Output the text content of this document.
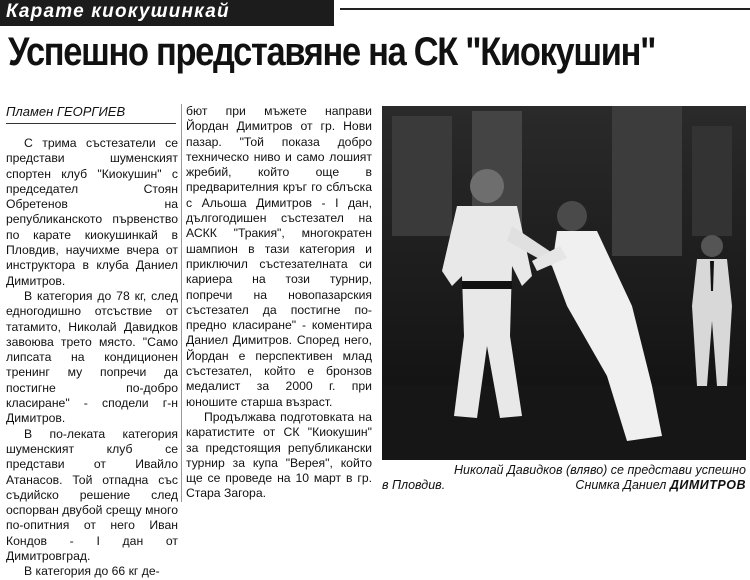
Карате киокушинкай
Успешно представяне на СК "Киокушин"
Пламен ГЕОРГИЕВ

С трима състезатели се представи шуменският спортен клуб "Киокушин" с председател Стоян Обретенов на републиканското първенство по карате киокушинкай в Пловдив, научихме вчера от инструктора в клуба Даниел Димитров.

В категория до 78 кг, след едногодишно отсъствие от татамито, Николай Давидков завоюва трето място. "Само липсата на кондиционен тренинг му попречи да постигне по-добро класиране" - сподели г-н Димитров.

В по-леката категория шуменският клуб се представи от Ивайло Атанасов. Той отпадна със съдийско решение след оспорван двубой срещу много по-опитния от него Иван Кондов - I дан от Димитровград.

В категория до 66 кг де-

бют при мъжете направи Йордан Димитров от гр. Нови пазар. "Той показа добро техническо ниво и само лошият жребий, който още в предварителния кръг го сблъска с Альоша Димитров - I дан, дългогодишен състезател на АСКК "Тракия", многократен шампион в тази категория и приключил състезателната си кариера на този турнир, попречи на новопазарския състезател да постигне по-предно класиране" - коментира Даниел Димитров. Според него, Йордан е перспективен млад състезател, който е бронзов медалист за 2000 г. при юношите старша възраст.

Продължава подготовката на каратистите от СК "Киокушин" за предстоящия републикански турнир за купа "Верея", който ще се проведе на 10 март в гр. Стара Загора.

Николай Давидков (вляво) се представи успешно
в Пловдив.	Снимка Даниел ДИМИТРОВ
